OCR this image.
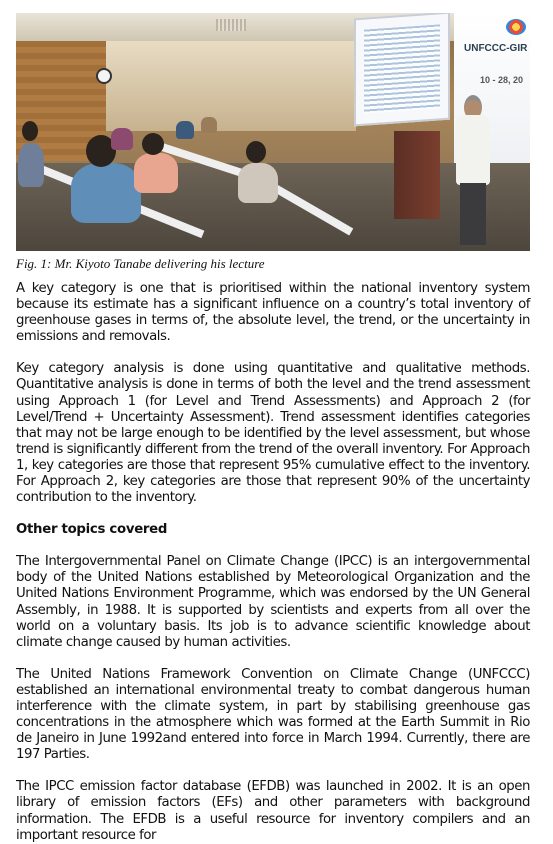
UNFCCC-GIR
10 - 28, 20
Fig. 1: Mr. Kiyoto Tanabe delivering his lecture

A key category is one that is prioritised within the national inventory system because its estimate has a significant influence on a country’s total inventory of greenhouse gases in terms of, the absolute level, the trend, or the uncertainty in emissions and removals.

Key category analysis is done using quantitative and qualitative methods. Quantitative analysis is done in terms of both the level and the trend assessment using Approach 1 (for Level and Trend Assessments) and Approach 2 (for Level/Trend + Uncertainty Assessment). Trend assessment identifies categories that may not be large enough to be identified by the level assessment, but whose trend is significantly different from the trend of the overall inventory. For Approach 1, key categories are those that represent 95% cumulative effect to the inventory. For Approach 2, key categories are those that represent 90% of the uncertainty contribution to the inventory.

Other topics covered

The Intergovernmental Panel on Climate Change (IPCC) is an intergovernmental body of the United Nations established by Meteorological Organization and the United Nations Environment Programme, which was endorsed by the UN General Assembly, in 1988. It is supported by scientists and experts from all over the world on a voluntary basis. Its job is to advance scientific knowledge about climate change caused by human activities.

The United Nations Framework Convention on Climate Change (UNFCCC) established an international environmental treaty to combat dangerous human interference with the climate system, in part by stabilising greenhouse gas concentrations in the atmosphere which was formed at the Earth Summit in Rio de Janeiro in June 1992and entered into force in March 1994. Currently, there are 197 Parties.

The IPCC emission factor database (EFDB) was launched in 2002. It is an open library of emission factors (EFs) and other parameters with background information. The EFDB is a useful resource for inventory compilers and an important resource for
